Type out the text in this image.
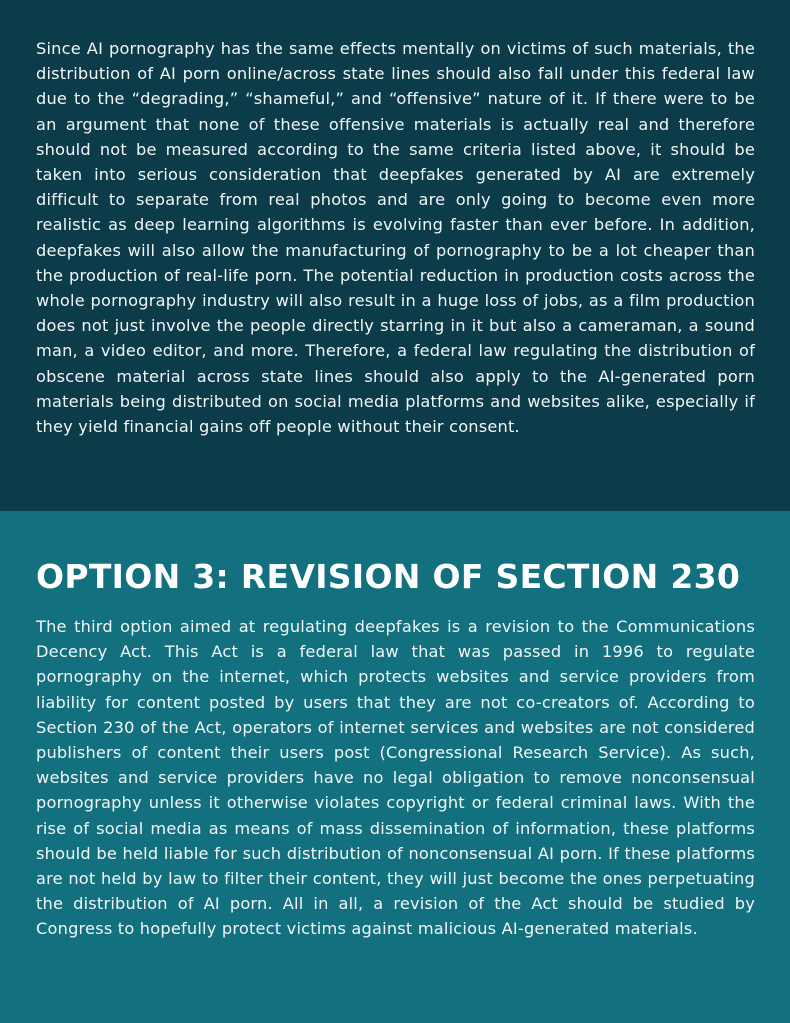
Since AI pornography has the same effects mentally on victims of such materials, the distribution of AI porn online/across state lines should also fall under this federal law due to the “degrading,” “shameful,” and “offensive” nature of it. If there were to be an argument that none of these offensive materials is actually real and therefore should not be measured according to the same criteria listed above, it should be taken into serious consideration that deepfakes generated by AI are extremely difficult to separate from real photos and are only going to become even more realistic as deep learning algorithms is evolving faster than ever before. In addition, deepfakes will also allow the manufacturing of pornography to be a lot cheaper than the production of real-life porn. The potential reduction in production costs across the whole pornography industry will also result in a huge loss of jobs, as a film production does not just involve the people directly starring in it but also a cameraman, a sound man, a video editor, and more. Therefore, a federal law regulating the distribution of obscene material across state lines should also apply to the AI-generated porn materials being distributed on social media platforms and websites alike, especially if they yield financial gains off people without their consent.

OPTION 3: REVISION OF SECTION 230

The third option aimed at regulating deepfakes is a revision to the Communications Decency Act. This Act is a federal law that was passed in 1996 to regulate pornography on the internet, which protects websites and service providers from liability for content posted by users that they are not co-creators of. According to Section 230 of the Act, operators of internet services and websites are not considered publishers of content their users post (Congressional Research Service). As such, websites and service providers have no legal obligation to remove nonconsensual pornography unless it otherwise violates copyright or federal criminal laws. With the rise of social media as means of mass dissemination of information, these platforms should be held liable for such distribution of nonconsensual AI porn. If these platforms are not held by law to filter their content, they will just become the ones perpetuating the distribution of AI porn. All in all, a revision of the Act should be studied by Congress to hopefully protect victims against malicious AI-generated materials.
